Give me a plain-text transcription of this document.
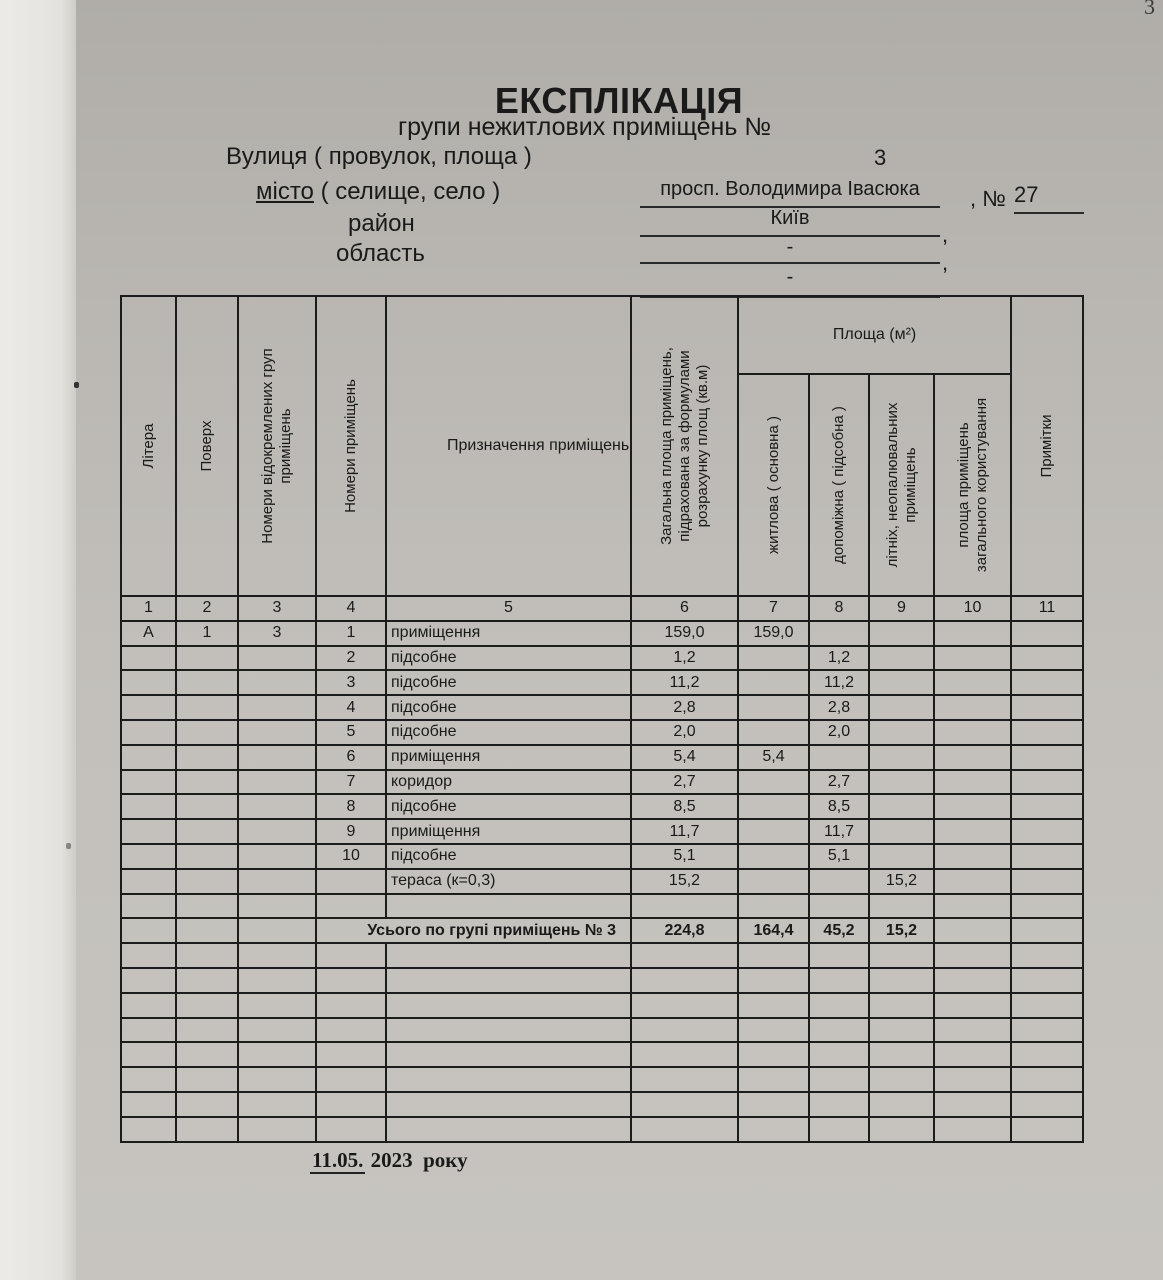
3
ЕКСПЛІКАЦІЯ
групи нежитлових приміщень №
3
Вулиця ( провулок, площа )
місто ( селище, село )
район
область
просп. Володимира Івасюка	, № 27
Київ
,
-
,
-
Літера	Поверх	Номери відокремлених груп приміщень	Номери приміщень	Призначення приміщень	Загальна площа приміщень, підрахована за формулами розрахунку площ (кв.м)	Площа (м²)				Примітки

						житлова ( основна )	допоміжна ( підсобна )	літніх, неопалювальних приміщень	площа приміщень загального користування	

1	2	3	4	5	6	7	8	9	10	11
А	1	3	1	приміщення	159,0	159,0				
			2	підсобне	1,2		1,2			
			3	підсобне	11,2		11,2			
			4	підсобне	2,8		2,8			
			5	підсобне	2,0		2,0			
			6	приміщення	5,4	5,4				
			7	коридор	2,7		2,7			
			8	підсобне	8,5		8,5			
			9	приміщення	11,7		11,7			
			10	підсобне	5,1		5,1			
				тераса (к=0,3)	15,2			15,2		

			Усього по групі приміщень № 3		224,8	164,4	45,2	15,2		

11.05. 2023 року
